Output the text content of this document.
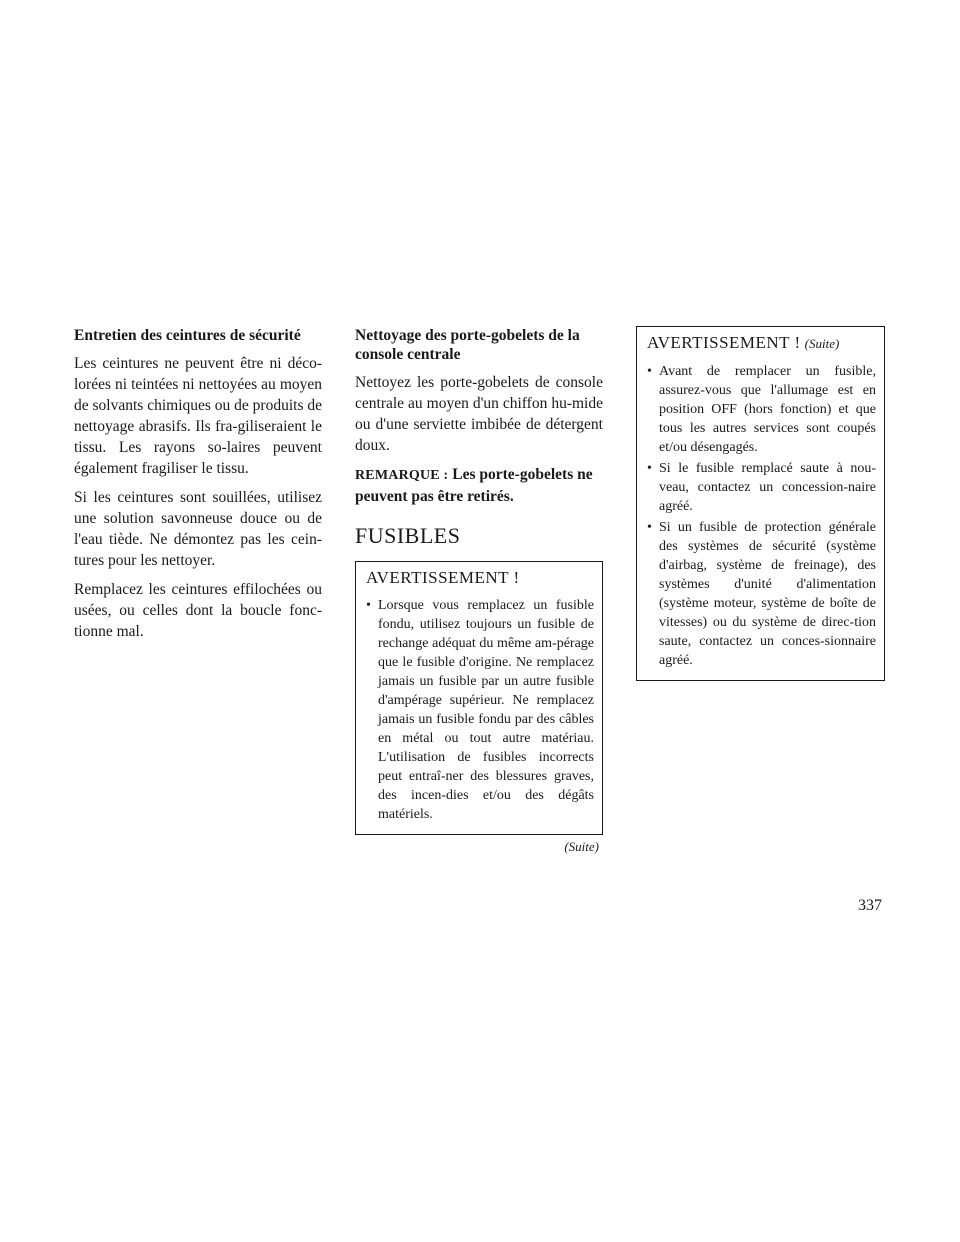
Entretien des ceintures de sécurité

Les ceintures ne peuvent être ni déco-lorées ni teintées ni nettoyées au moyen de solvants chimiques ou de produits de nettoyage abrasifs. Ils fra-giliseraient le tissu. Les rayons so-laires peuvent également fragiliser le tissu.

Si les ceintures sont souillées, utilisez une solution savonneuse douce ou de l'eau tiède. Ne démontez pas les cein-tures pour les nettoyer.

Remplacez les ceintures effilochées ou usées, ou celles dont la boucle fonc-tionne mal.

Nettoyage des porte-gobelets de la console centrale

Nettoyez les porte-gobelets de console centrale au moyen d'un chiffon hu-mide ou d'une serviette imbibée de détergent doux.

REMARQUE : Les porte-gobelets ne peuvent pas être retirés.
FUSIBLES
AVERTISSEMENT !
• Lorsque vous remplacez un fusible fondu, utilisez toujours un fusible de rechange adéquat du même am-pérage que le fusible d'origine. Ne remplacez jamais un fusible par un autre fusible d'ampérage supérieur. Ne remplacez jamais un fusible fondu par des câbles en métal ou tout autre matériau. L'utilisation de fusibles incorrects peut entraî-ner des blessures graves, des incen-dies et/ou des dégâts matériels.
(Suite)
AVERTISSEMENT ! (Suite)
• Avant de remplacer un fusible, assurez-vous que l'allumage est en position OFF (hors fonction) et que tous les autres services sont coupés et/ou désengagés.
• Si le fusible remplacé saute à nou-veau, contactez un concession-naire agréé.
• Si un fusible de protection générale des systèmes de sécurité (système d'airbag, système de freinage), des systèmes d'unité d'alimentation (système moteur, système de boîte de vitesses) ou du système de direc-tion saute, contactez un conces-sionnaire agréé.
337
